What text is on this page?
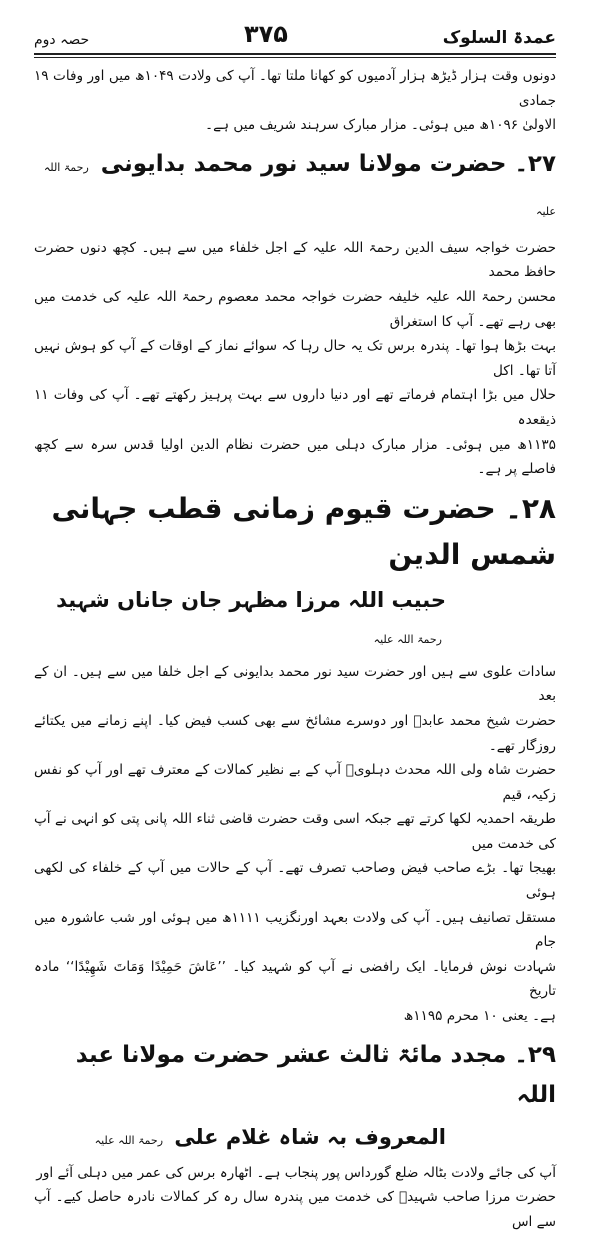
عمدۃ السلوک
۳۷۵
حصہ دوم

دونوں وقت ہزار ڈیڑھ ہزار آدمیوں کو کھانا ملتا تھا۔ آپ کی ولادت ۱۰۴۹ھ میں اور وفات ۱۹ جمادی

الاولیٰ ۱۰۹۶ھ میں ہوئی۔ مزار مبارک سرہند شریف میں ہے۔

۲۷۔ حضرت مولانا سید نور محمد بدایونی رحمۃ اللہ علیہ

حضرت خواجہ سیف الدین رحمۃ اللہ علیہ کے اجل خلفاء میں سے ہیں۔ کچھ دنوں حضرت حافظ محمد

محسن رحمۃ اللہ علیہ خلیفہ حضرت خواجہ محمد معصوم رحمۃ اللہ علیہ کی خدمت میں بھی رہے تھے۔ آپ کا استغراق

بہت بڑھا ہوا تھا۔ پندرہ برس تک یہ حال رہا کہ سوائے نماز کے اوقات کے آپ کو ہوش نہیں آتا تھا۔ اکل

حلال میں بڑا اہتمام فرماتے تھے اور دنیا داروں سے بہت پرہیز رکھتے تھے۔ آپ کی وفات ۱۱ ذیقعدہ

۱۱۳۵ھ میں ہوئی۔ مزار مبارک دہلی میں حضرت نظام الدین اولیا قدس سرہ سے کچھ فاصلے پر ہے۔

۲۸۔ حضرت قیوم زمانی قطب جہانی شمس الدین
حبیب اللہ مرزا مظہر جان جاناں شہید رحمۃ اللہ علیہ

سادات علوی سے ہیں اور حضرت سید نور محمد بدایونی کے اجل خلفا میں سے ہیں۔ ان کے بعد

حضرت شیخ محمد عابدؒ اور دوسرے مشائخ سے بھی کسب فیض کیا۔ اپنے زمانے میں یکتائے روزگار تھے۔

حضرت شاہ ولی اللہ محدث دہلویؒ آپ کے بے نظیر کمالات کے معترف تھے اور آپ کو نفس زکیہ، قیم

طریقہ احمدیہ لکھا کرتے تھے جبکہ اسی وقت حضرت قاضی ثناء اللہ پانی پتی کو انہی نے آپ کی خدمت میں

بھیجا تھا۔ بڑے صاحب فیض وصاحب تصرف تھے۔ آپ کے حالات میں آپ کے خلفاء کی لکھی ہوئی

مستقل تصانیف ہیں۔ آپ کی ولادت بعہد اورنگزیب ۱۱۱۱ھ میں ہوئی اور شب عاشورہ میں جام

شہادت نوش فرمایا۔ ایک رافضی نے آپ کو شہید کیا۔ ’’عَاشَ حَمِیْدًا وَمَاتَ شَهِیْدًا‘‘ مادہ تاریخ

ہے۔ یعنی ۱۰ محرم ۱۱۹۵ھ

۲۹۔ مجدد مائۃ ثالث عشر حضرت مولانا عبد اللہ
المعروف بہ شاہ غلام علی رحمۃ اللہ علیہ

آپ کی جائے ولادت بٹالہ ضلع گورداس پور پنجاب ہے۔ اٹھارہ برس کی عمر میں دہلی آئے اور

حضرت مرزا صاحب شہیدؒ کی خدمت میں پندرہ سال رہ کر کمالات نادرہ حاصل کیے۔ آپ سے اس
